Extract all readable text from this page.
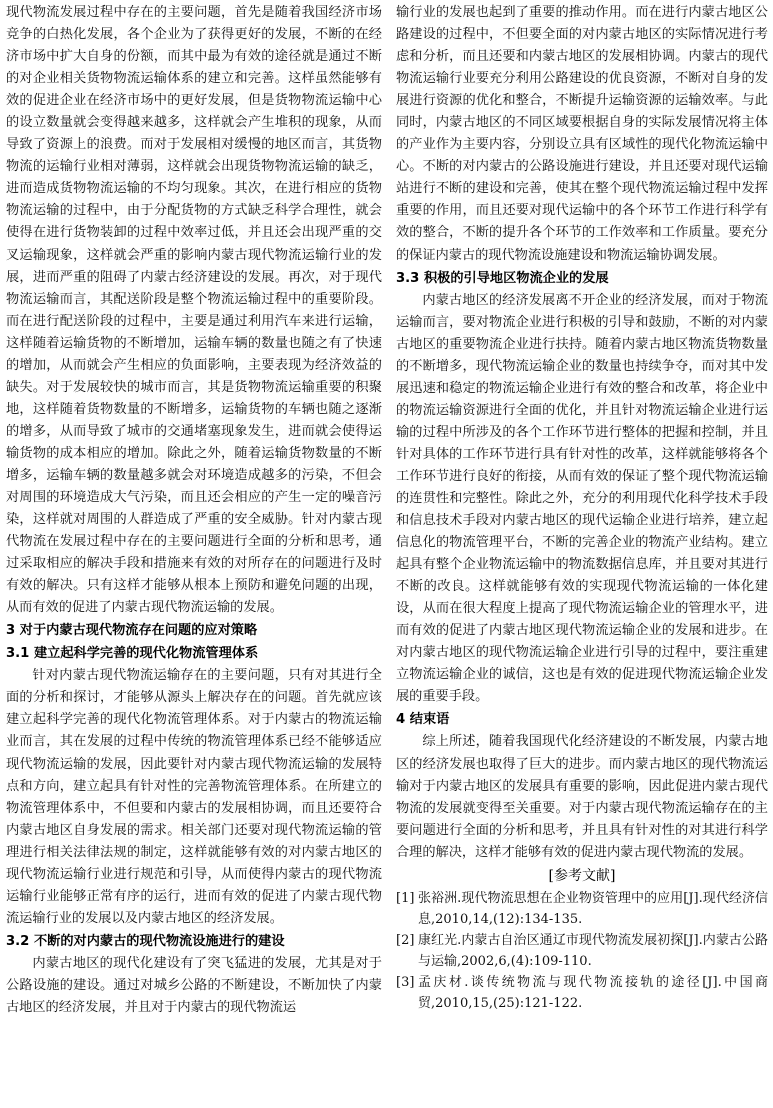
现代物流发展过程中存在的主要问题，首先是随着我国经济市场竞争的白热化发展，各个企业为了获得更好的发展，不断的在经济市场中扩大自身的份额，而其中最为有效的途径就是通过不断的对企业相关货物物流运输体系的建立和完善。这样虽然能够有效的促进企业在经济市场中的更好发展，但是货物物流运输中心的设立数量就会变得越来越多，这样就会产生堆积的现象，从而导致了资源上的浪费。而对于发展相对缓慢的地区而言，其货物物流的运输行业相对薄弱，这样就会出现货物物流运输的缺乏，进而造成货物物流运输的不均匀现象。其次，在进行相应的货物物流运输的过程中，由于分配货物的方式缺乏科学合理性，就会使得在进行货物装卸的过程中效率过低，并且还会出现严重的交叉运输现象，这样就会严重的影响内蒙古现代物流运输行业的发展，进而严重的阻碍了内蒙古经济建设的发展。再次，对于现代物流运输而言，其配送阶段是整个物流运输过程中的重要阶段。而在进行配送阶段的过程中，主要是通过利用汽车来进行运输，这样随着运输货物的不断增加，运输车辆的数量也随之有了快速的增加，从而就会产生相应的负面影响，主要表现为经济效益的缺失。对于发展较快的城市而言，其是货物物流运输重要的积聚地，这样随着货物数量的不断增多，运输货物的车辆也随之逐渐的增多，从而导致了城市的交通堵塞现象发生，进而就会使得运输货物的成本相应的增加。除此之外，随着运输货物数量的不断增多，运输车辆的数量越多就会对环境造成越多的污染，不但会对周围的环境造成大气污染，而且还会相应的产生一定的噪音污染，这样就对周围的人群造成了严重的安全威胁。针对内蒙古现代物流在发展过程中存在的主要问题进行全面的分析和思考，通过采取相应的解决手段和措施来有效的对所存在的问题进行及时有效的解决。只有这样才能够从根本上预防和避免问题的出现，从而有效的促进了内蒙古现代物流运输的发展。

3 对于内蒙古现代物流存在问题的应对策略
3.1 建立起科学完善的现代化物流管理体系

针对内蒙古现代物流运输存在的主要问题，只有对其进行全面的分析和探讨，才能够从源头上解决存在的问题。首先就应该建立起科学完善的现代化物流管理体系。对于内蒙古的物流运输业而言，其在发展的过程中传统的物流管理体系已经不能够适应现代物流运输的发展，因此要针对内蒙古现代物流运输的发展特点和方向，建立起具有针对性的完善物流管理体系。在所建立的物流管理体系中，不但要和内蒙古的发展相协调，而且还要符合内蒙古地区自身发展的需求。相关部门还要对现代物流运输的管理进行相关法律法规的制定，这样就能够有效的对内蒙古地区的现代物流运输行业进行规范和引导，从而使得内蒙古的现代物流运输行业能够正常有序的运行，进而有效的促进了内蒙古现代物流运输行业的发展以及内蒙古地区的经济发展。

3.2 不断的对内蒙古的现代物流设施进行的建设

内蒙古地区的现代化建设有了突飞猛进的发展，尤其是对于公路设施的建设。通过对城乡公路的不断建设，不断加快了内蒙古地区的经济发展，并且对于内蒙古的现代物流运

输行业的发展也起到了重要的推动作用。而在进行内蒙古地区公路建设的过程中，不但要全面的对内蒙古地区的实际情况进行考虑和分析，而且还要和内蒙古地区的发展相协调。内蒙古的现代物流运输行业要充分利用公路建设的优良资源，不断对自身的发展进行资源的优化和整合，不断提升运输资源的运输效率。与此同时，内蒙古地区的不同区域要根据自身的实际发展情况将主体的产业作为主要内容，分别设立具有区域性的现代化物流运输中心。不断的对内蒙古的公路设施进行建设，并且还要对现代运输站进行不断的建设和完善，使其在整个现代物流运输过程中发挥重要的作用，而且还要对现代运输中的各个环节工作进行科学有效的整合，不断的提升各个环节的工作效率和工作质量。要充分的保证内蒙古的现代物流设施建设和物流运输协调发展。

3.3 积极的引导地区物流企业的发展

内蒙古地区的经济发展离不开企业的经济发展，而对于物流运输而言，要对物流企业进行积极的引导和鼓励，不断的对内蒙古地区的重要物流企业进行扶持。随着内蒙古地区物流货物数量的不断增多，现代物流运输企业的数量也持续争夺，而对其中发展迅速和稳定的物流运输企业进行有效的整合和改革，将企业中的物流运输资源进行全面的优化，并且针对物流运输企业进行运输的过程中所涉及的各个工作环节进行整体的把握和控制，并且针对具体的工作环节进行具有针对性的改革，这样就能够将各个工作环节进行良好的衔接，从而有效的保证了整个现代物流运输的连贯性和完整性。除此之外，充分的利用现代化科学技术手段和信息技术手段对内蒙古地区的现代运输企业进行培养，建立起信息化的物流管理平台，不断的完善企业的物流产业结构。建立起具有整个企业物流运输中的物流数据信息库，并且要对其进行不断的改良。这样就能够有效的实现现代物流运输的一体化建设，从而在很大程度上提高了现代物流运输企业的管理水平，进而有效的促进了内蒙古地区现代物流运输企业的发展和进步。在对内蒙古地区的现代物流运输企业进行引导的过程中，要注重建立物流运输企业的诚信，这也是有效的促进现代物流运输企业发展的重要手段。

4 结束语

综上所述，随着我国现代化经济建设的不断发展，内蒙古地区的经济发展也取得了巨大的进步。而内蒙古地区的现代物流运输对于内蒙古地区的发展具有重要的影响，因此促进内蒙古现代物流的发展就变得至关重要。对于内蒙古现代物流运输存在的主要问题进行全面的分析和思考，并且具有针对性的对其进行科学合理的解决，这样才能够有效的促进内蒙古现代物流的发展。

[参考文献]
[1] 张裕洲.现代物流思想在企业物资管理中的应用[J].现代经济信息,2010,14,(12):134-135.
[2] 康红光.内蒙古自治区通辽市现代物流发展初探[J].内蒙古公路与运输,2002,6,(4):109-110.
[3] 孟庆材.谈传统物流与现代物流接轨的途径[J].中国商贸,2010,15,(25):121-122.
